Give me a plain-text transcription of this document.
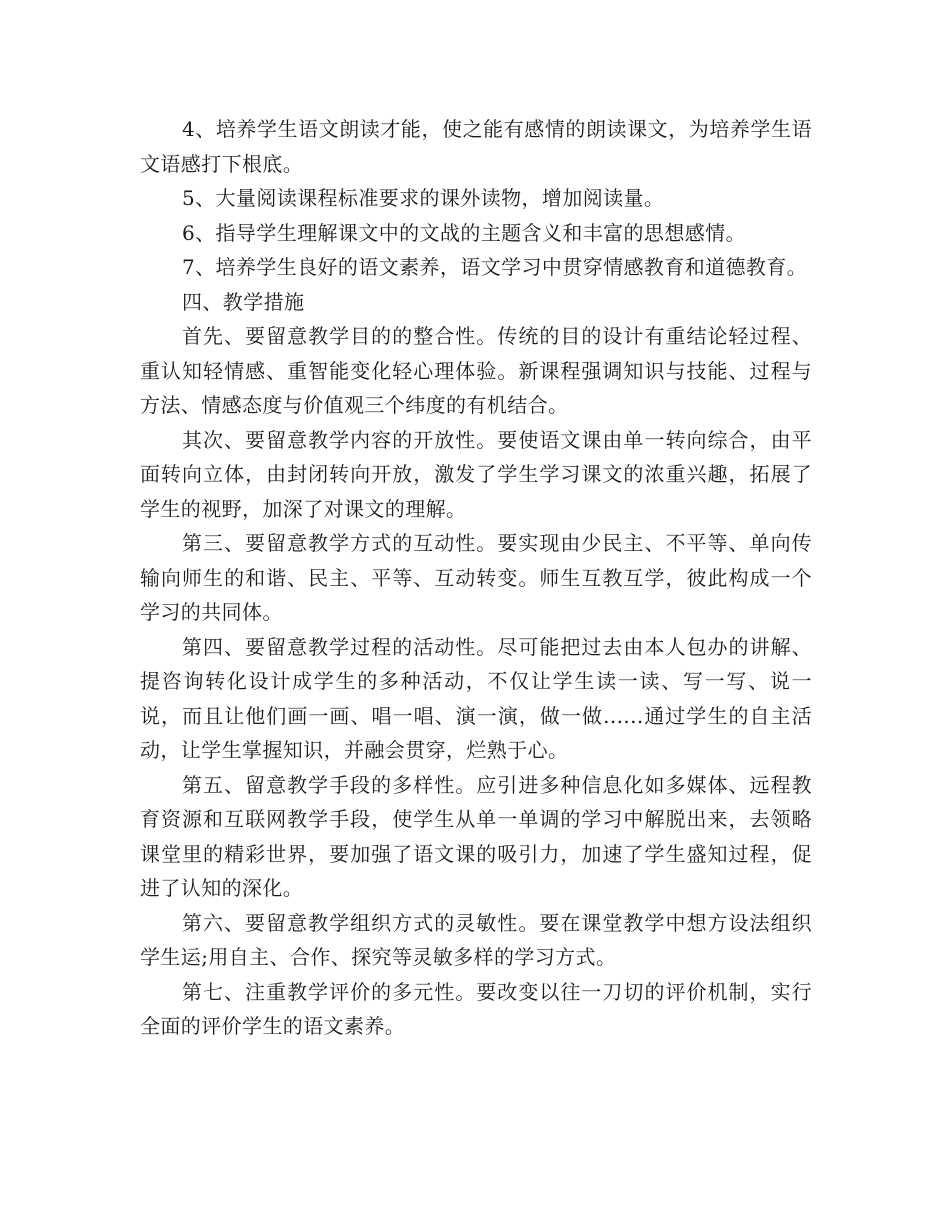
4、培养学生语文朗读才能，使之能有感情的朗读课文，为培养学生语文语感打下根底。

5、大量阅读课程标准要求的课外读物，增加阅读量。

6、指导学生理解课文中的文战的主题含义和丰富的思想感情。

7、培养学生良好的语文素养，语文学习中贯穿情感教育和道德教育。

四、教学措施

首先、要留意教学目的的整合性。传统的目的设计有重结论轻过程、重认知轻情感、重智能变化轻心理体验。新课程强调知识与技能、过程与方法、情感态度与价值观三个纬度的有机结合。

其次、要留意教学内容的开放性。要使语文课由单一转向综合，由平面转向立体，由封闭转向开放，激发了学生学习课文的浓重兴趣，拓展了学生的视野，加深了对课文的理解。

第三、要留意教学方式的互动性。要实现由少民主、不平等、单向传输向师生的和谐、民主、平等、互动转变。师生互教互学，彼此构成一个学习的共同体。

第四、要留意教学过程的活动性。尽可能把过去由本人包办的讲解、提咨询转化设计成学生的多种活动，不仅让学生读一读、写一写、说一说，而且让他们画一画、唱一唱、演一演，做一做......通过学生的自主活动，让学生掌握知识，并融会贯穿，烂熟于心。

第五、留意教学手段的多样性。应引进多种信息化如多媒体、远程教育资源和互联网教学手段，使学生从单一单调的学习中解脱出来，去领略课堂里的精彩世界，要加强了语文课的吸引力，加速了学生盛知过程，促进了认知的深化。

第六、要留意教学组织方式的灵敏性。要在课堂教学中想方设法组织学生运;用自主、合作、探究等灵敏多样的学习方式。

第七、注重教学评价的多元性。要改变以往一刀切的评价机制，实行全面的评价学生的语文素养。
